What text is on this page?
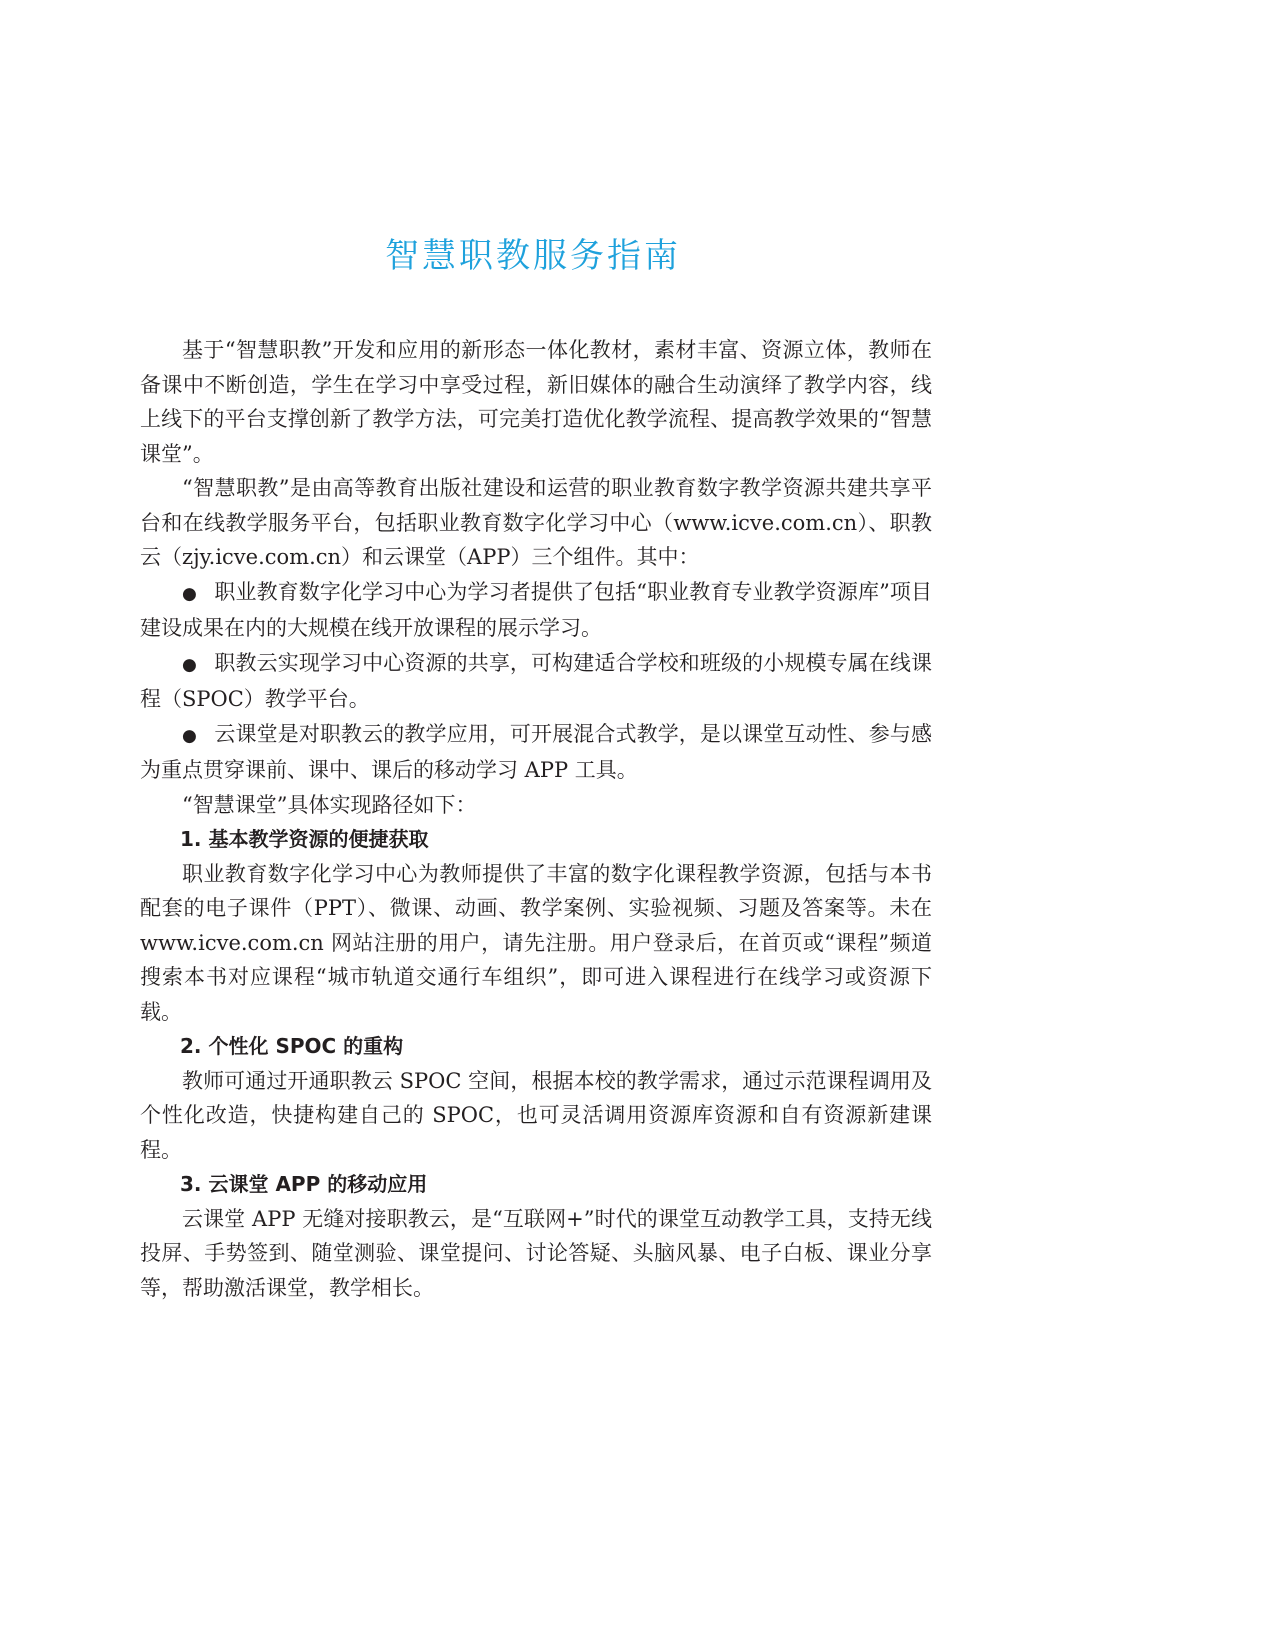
智慧职教服务指南

基于“智慧职教”开发和应用的新形态一体化教材，素材丰富、资源立体，教师在备课中不断创造，学生在学习中享受过程，新旧媒体的融合生动演绎了教学内容，线上线下的平台支撑创新了教学方法，可完美打造优化教学流程、提高教学效果的“智慧课堂”。

“智慧职教”是由高等教育出版社建设和运营的职业教育数字教学资源共建共享平台和在线教学服务平台，包括职业教育数字化学习中心（www.icve.com.cn）、职教云（zjy.icve.com.cn）和云课堂（APP）三个组件。其中：

● 职业教育数字化学习中心为学习者提供了包括“职业教育专业教学资源库”项目建设成果在内的大规模在线开放课程的展示学习。

● 职教云实现学习中心资源的共享，可构建适合学校和班级的小规模专属在线课程（SPOC）教学平台。

● 云课堂是对职教云的教学应用，可开展混合式教学，是以课堂互动性、参与感为重点贯穿课前、课中、课后的移动学习 APP 工具。

“智慧课堂”具体实现路径如下：

1. 基本教学资源的便捷获取

职业教育数字化学习中心为教师提供了丰富的数字化课程教学资源，包括与本书配套的电子课件（PPT）、微课、动画、教学案例、实验视频、习题及答案等。未在 www.icve.com.cn 网站注册的用户，请先注册。用户登录后，在首页或“课程”频道搜索本书对应课程“城市轨道交通行车组织”，即可进入课程进行在线学习或资源下载。

2. 个性化 SPOC 的重构

教师可通过开通职教云 SPOC 空间，根据本校的教学需求，通过示范课程调用及个性化改造，快捷构建自己的 SPOC，也可灵活调用资源库资源和自有资源新建课程。

3. 云课堂 APP 的移动应用

云课堂 APP 无缝对接职教云，是“互联网+”时代的课堂互动教学工具，支持无线投屏、手势签到、随堂测验、课堂提问、讨论答疑、头脑风暴、电子白板、课业分享等，帮助激活课堂，教学相长。
